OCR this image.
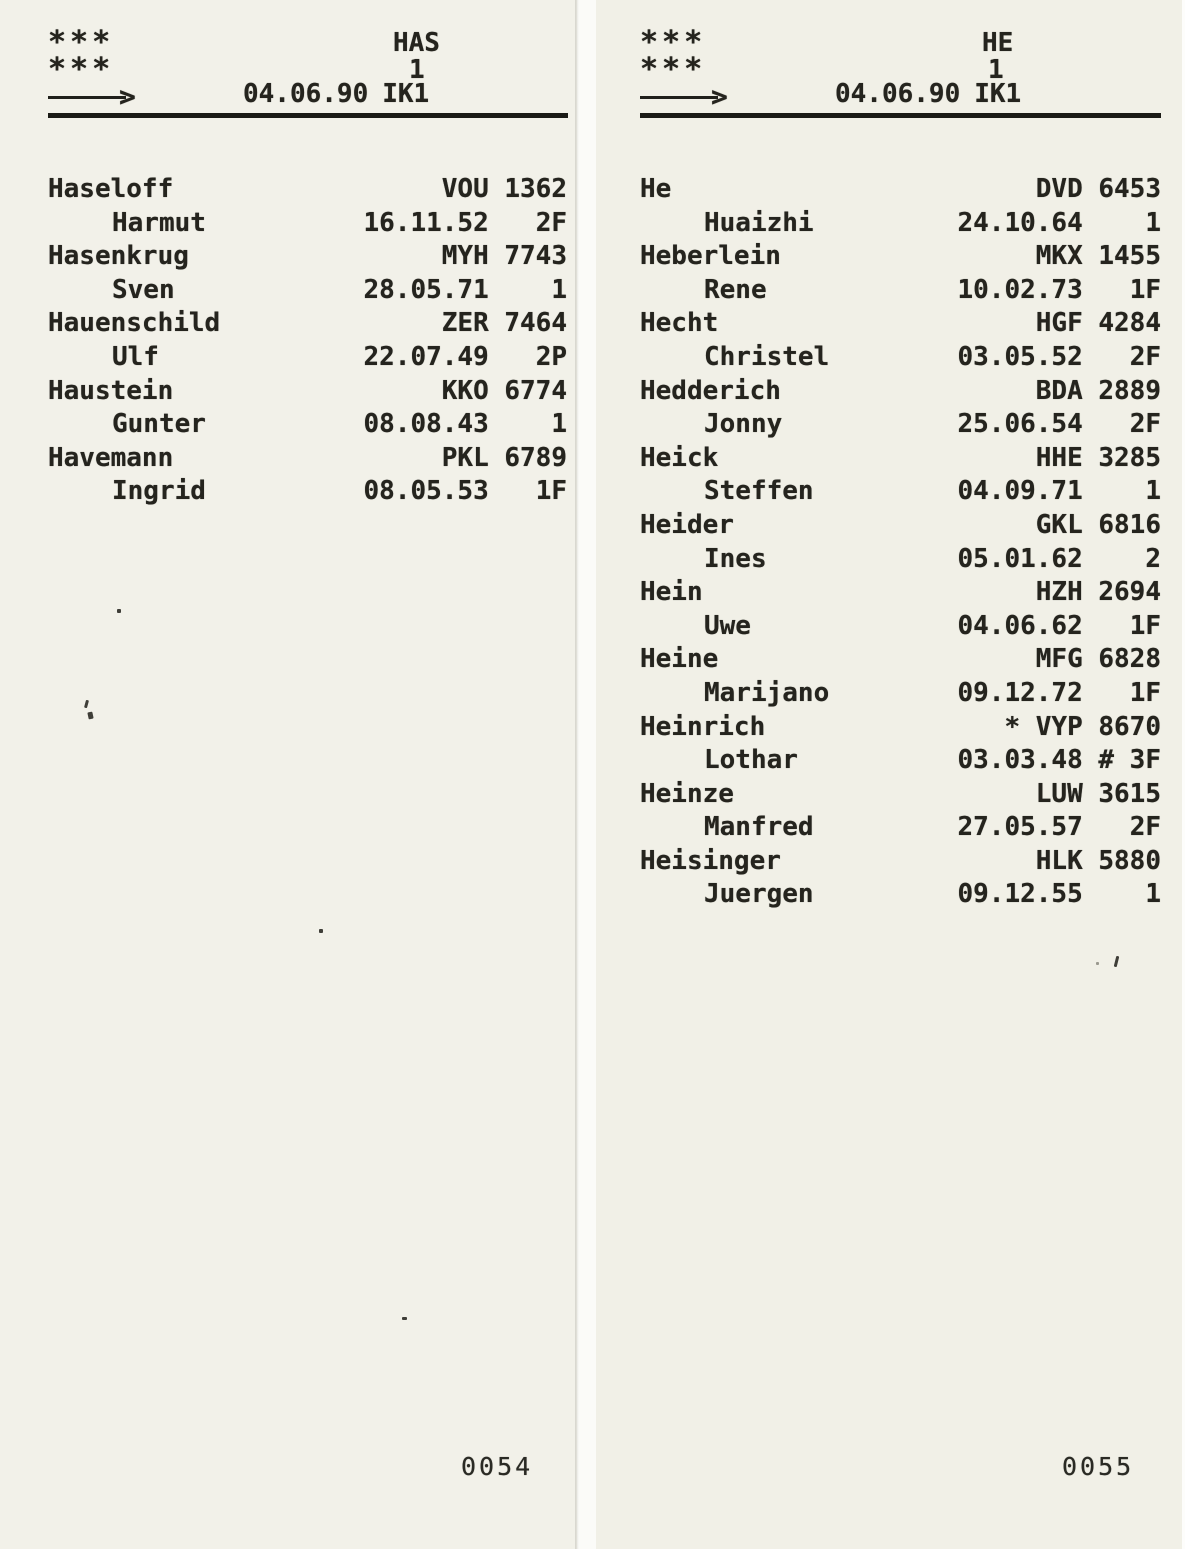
***
***
HAS
1
>	04.06.90 IK1
Haseloff	VOU 1362
Harmut	16.11.52	2F
Hasenkrug	MYH 7743
Sven	28.05.71	1
Hauenschild	ZER 7464
Ulf	22.07.49	2P
Haustein	KKO 6774
Gunter	08.08.43	1
Havemann	PKL 6789
Ingrid	08.05.53	1F
0054
***
***
HE
1
>	04.06.90 IK1
He	DVD 6453
Huaizhi	24.10.64	1
Heberlein	MKX 1455
Rene	10.02.73	1F
Hecht	HGF 4284
Christel	03.05.52	2F
Hedderich	BDA 2889
Jonny	25.06.54	2F
Heick	HHE 3285
Steffen	04.09.71	1
Heider	GKL 6816
Ines	05.01.62	2
Hein	HZH 2694
Uwe	04.06.62	1F
Heine	MFG 6828
Marijano	09.12.72	1F
Heinrich	* VYP 8670
Lothar	03.03.48 # 3F
Heinze	LUW 3615
Manfred	27.05.57	2F
Heisinger	HLK 5880
Juergen	09.12.55	1
0055
